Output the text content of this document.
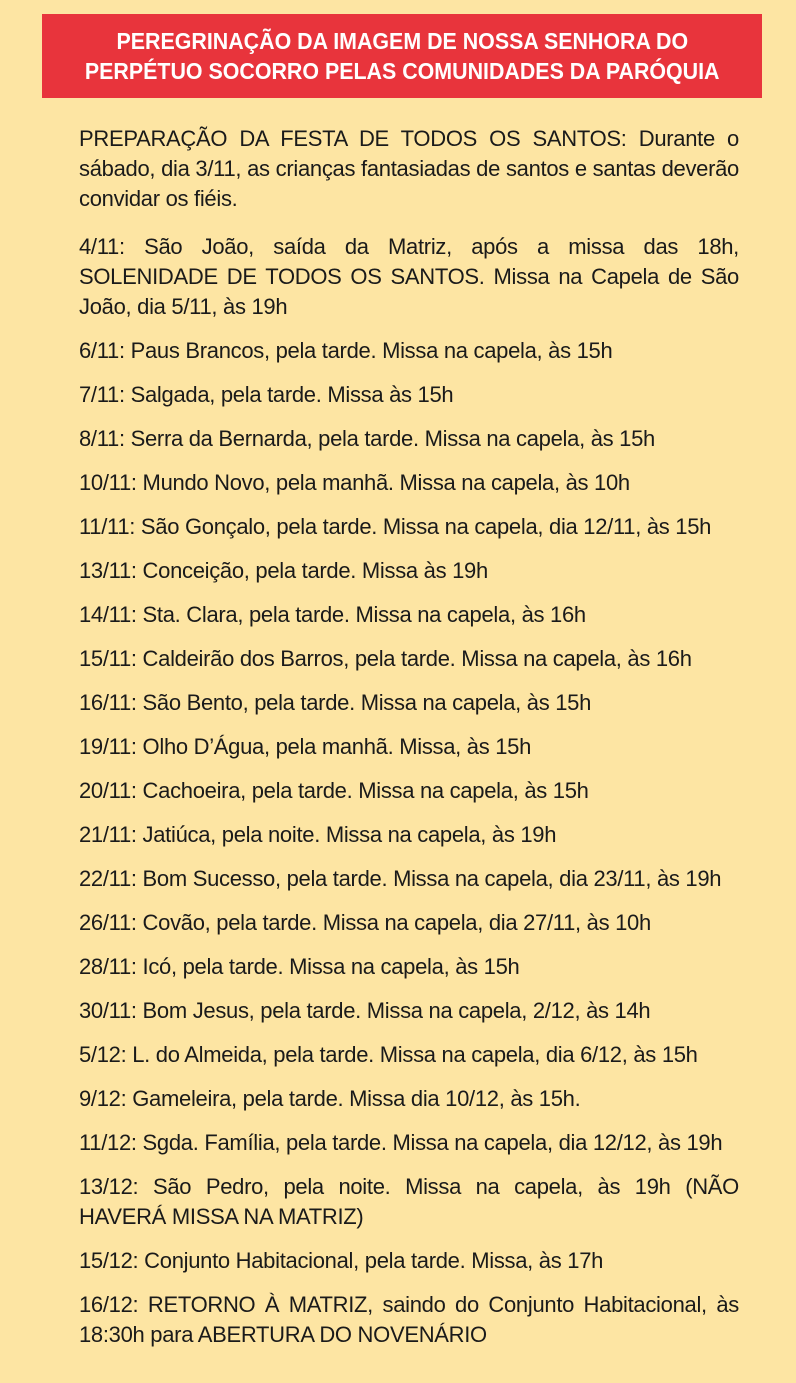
PEREGRINAÇÃO DA IMAGEM DE NOSSA SENHORA DO
PERPÉTUO SOCORRO PELAS COMUNIDADES DA PARÓQUIA

PREPARAÇÃO DA FESTA DE TODOS OS SANTOS: Durante o sábado, dia 3/11, as crianças fantasiadas de santos e santas deverão convidar os fiéis.

4/11: São João, saída da Matriz, após a missa das 18h, SOLENIDADE DE TODOS OS SANTOS. Missa na Capela de São João, dia 5/11, às 19h

6/11: Paus Brancos, pela tarde. Missa na capela, às 15h

7/11: Salgada, pela tarde. Missa às 15h

8/11: Serra da Bernarda, pela tarde. Missa na capela, às 15h

10/11: Mundo Novo, pela manhã. Missa na capela, às 10h

11/11: São Gonçalo, pela tarde. Missa na capela, dia 12/11, às 15h

13/11: Conceição, pela tarde. Missa às 19h

14/11: Sta. Clara, pela tarde. Missa na capela, às 16h

15/11: Caldeirão dos Barros, pela tarde. Missa na capela, às 16h

16/11: São Bento, pela tarde. Missa na capela, às 15h

19/11: Olho D’Água, pela manhã. Missa, às 15h

20/11: Cachoeira, pela tarde. Missa na capela, às 15h

21/11: Jatiúca, pela noite. Missa na capela, às 19h

22/11: Bom Sucesso, pela tarde. Missa na capela, dia 23/11, às 19h

26/11: Covão, pela tarde. Missa na capela, dia 27/11, às 10h

28/11: Icó, pela tarde. Missa na capela, às 15h

30/11: Bom Jesus, pela tarde. Missa na capela, 2/12, às 14h

5/12: L. do Almeida, pela tarde. Missa na capela, dia 6/12, às 15h

9/12: Gameleira, pela tarde. Missa dia 10/12, às 15h.

11/12: Sgda. Família, pela tarde. Missa na capela, dia 12/12, às 19h

13/12: São Pedro, pela noite. Missa na capela, às 19h (NÃO HAVERÁ MISSA NA MATRIZ)

15/12: Conjunto Habitacional, pela tarde. Missa, às 17h

16/12: RETORNO À MATRIZ, saindo do Conjunto Habitacional, às 18:30h para ABERTURA DO NOVENÁRIO
